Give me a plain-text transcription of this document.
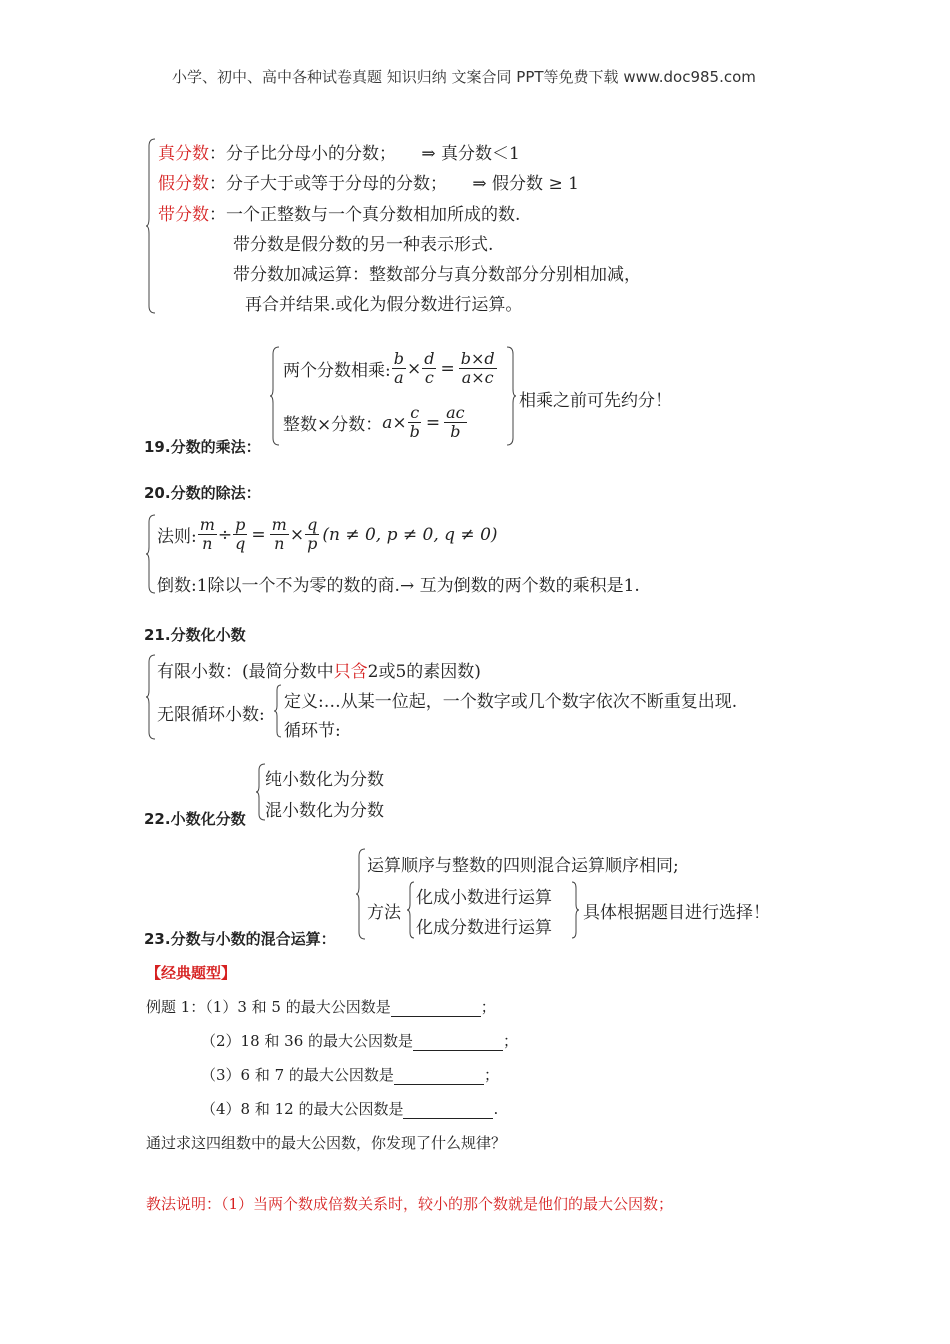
小学、初中、高中各种试卷真题 知识归纳 文案合同 PPT等免费下载 www.doc985.com
真分数：分子比分母小的分数； ⇒ 真分数＜1
假分数：分子大于或等于分母的分数； ⇒ 假分数 ≥ 1
带分数：一个正整数与一个真分数相加所成的数.
带分数是假分数的另一种表示形式.
带分数加减运算：整数部分与真分数部分分别相加减，
再合并结果.或化为假分数进行运算。
两个分数相乘: $\frac{b}{a} \times \frac{d}{c} = \frac{b\times d}{a\times c}$
整数×分数： $a \times \frac{c}{b} = \frac{ac}{b}$
相乘之前可先约分！
19.分数的乘法：
20.分数的除法：
法则: $\frac{m}{n} \div \frac{p}{q} = \frac{m}{n} \times \frac{q}{p} (n \ne 0$, p ≠ 0, q ≠ 0)
倒数:1除以一个不为零的数的商.→ 互为倒数的两个数的乘积是1.
21.分数化小数
有限小数：(最简分数中只含2或5的素因数)
无限循环小数:
定义:…从某一位起，一个数字或几个数字依次不断重复出现.
循环节:
纯小数化为分数
混小数化为分数
22.小数化分数
运算顺序与整数的四则混合运算顺序相同;
方法
化成小数进行运算
化成分数进行运算
具体根据题目进行选择！
23.分数与小数的混合运算：
【经典题型】
例题 1：（1）3 和 5 的最大公因数是	；
（2）18 和 36 的最大公因数是	；
（3）6 和 7 的最大公因数是	；
（4）8 和 12 的最大公因数是	.
通过求这四组数中的最大公因数，你发现了什么规律？
教法说明：（1）当两个数成倍数关系时，较小的那个数就是他们的最大公因数；
